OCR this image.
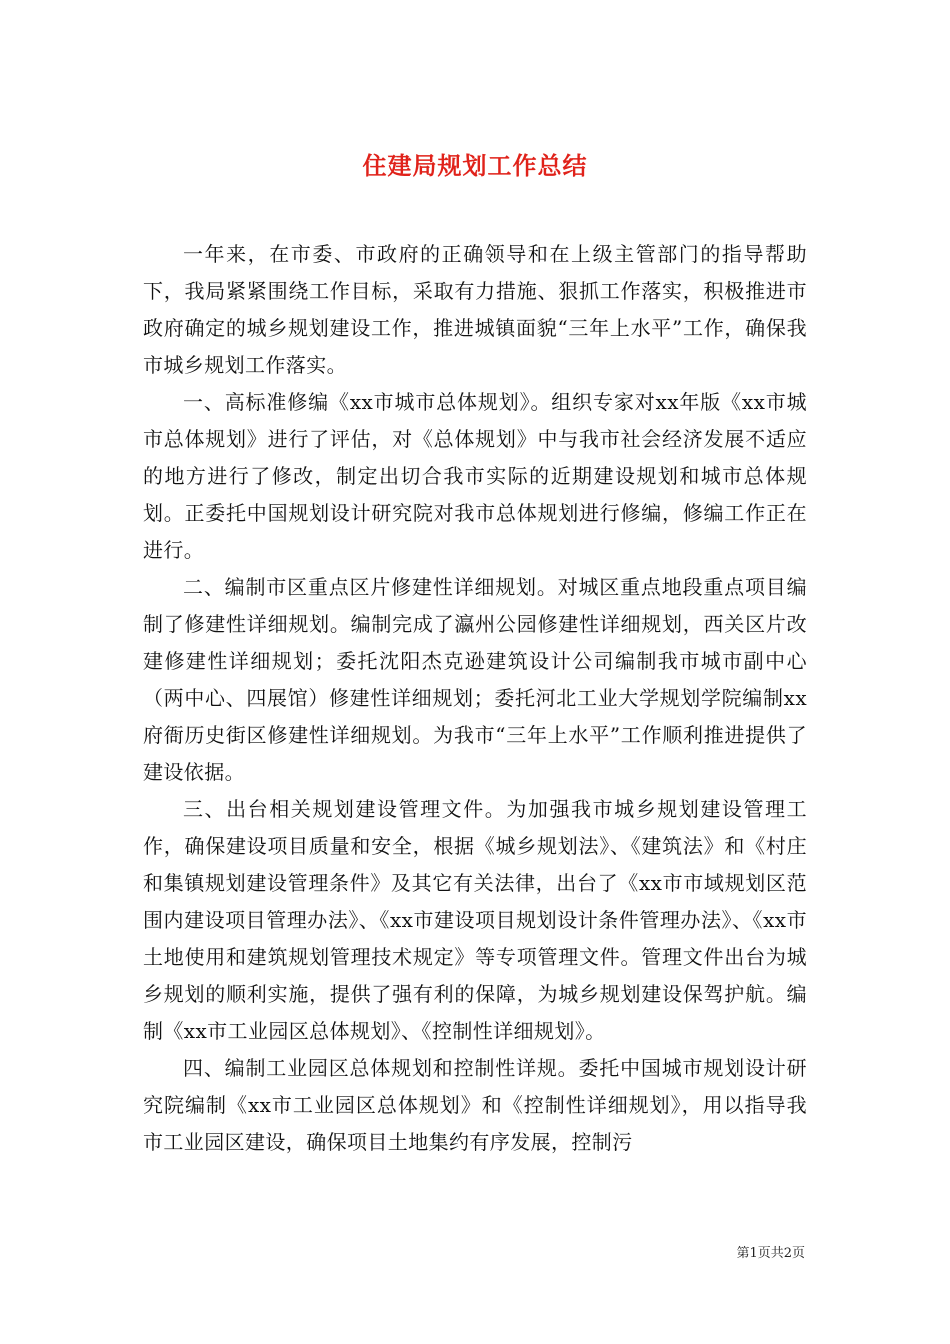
住建局规划工作总结

一年来，在市委、市政府的正确领导和在上级主管部门的指导帮助下，我局紧紧围绕工作目标，采取有力措施、狠抓工作落实，积极推进市政府确定的城乡规划建设工作，推进城镇面貌“三年上水平”工作，确保我市城乡规划工作落实。

一、高标准修编《xx市城市总体规划》。组织专家对xx年版《xx市城市总体规划》进行了评估，对《总体规划》中与我市社会经济发展不适应的地方进行了修改，制定出切合我市实际的近期建设规划和城市总体规划。正委托中国规划设计研究院对我市总体规划进行修编，修编工作正在进行。

二、编制市区重点区片修建性详细规划。对城区重点地段重点项目编制了修建性详细规划。编制完成了瀛州公园修建性详细规划，西关区片改建修建性详细规划；委托沈阳杰克逊建筑设计公司编制我市城市副中心（两中心、四展馆）修建性详细规划；委托河北工业大学规划学院编制xx府衙历史街区修建性详细规划。为我市“三年上水平”工作顺利推进提供了建设依据。

三、出台相关规划建设管理文件。为加强我市城乡规划建设管理工作，确保建设项目质量和安全，根据《城乡规划法》、《建筑法》和《村庄和集镇规划建设管理条件》及其它有关法律，出台了《xx市市域规划区范围内建设项目管理办法》、《xx市建设项目规划设计条件管理办法》、《xx市土地使用和建筑规划管理技术规定》等专项管理文件。管理文件出台为城乡规划的顺利实施，提供了强有利的保障，为城乡规划建设保驾护航。编制《xx市工业园区总体规划》、《控制性详细规划》。

四、编制工业园区总体规划和控制性详规。委托中国城市规划设计研究院编制《xx市工业园区总体规划》和《控制性详细规划》，用以指导我市工业园区建设，确保项目土地集约有序发展，控制污

第1页共2页
